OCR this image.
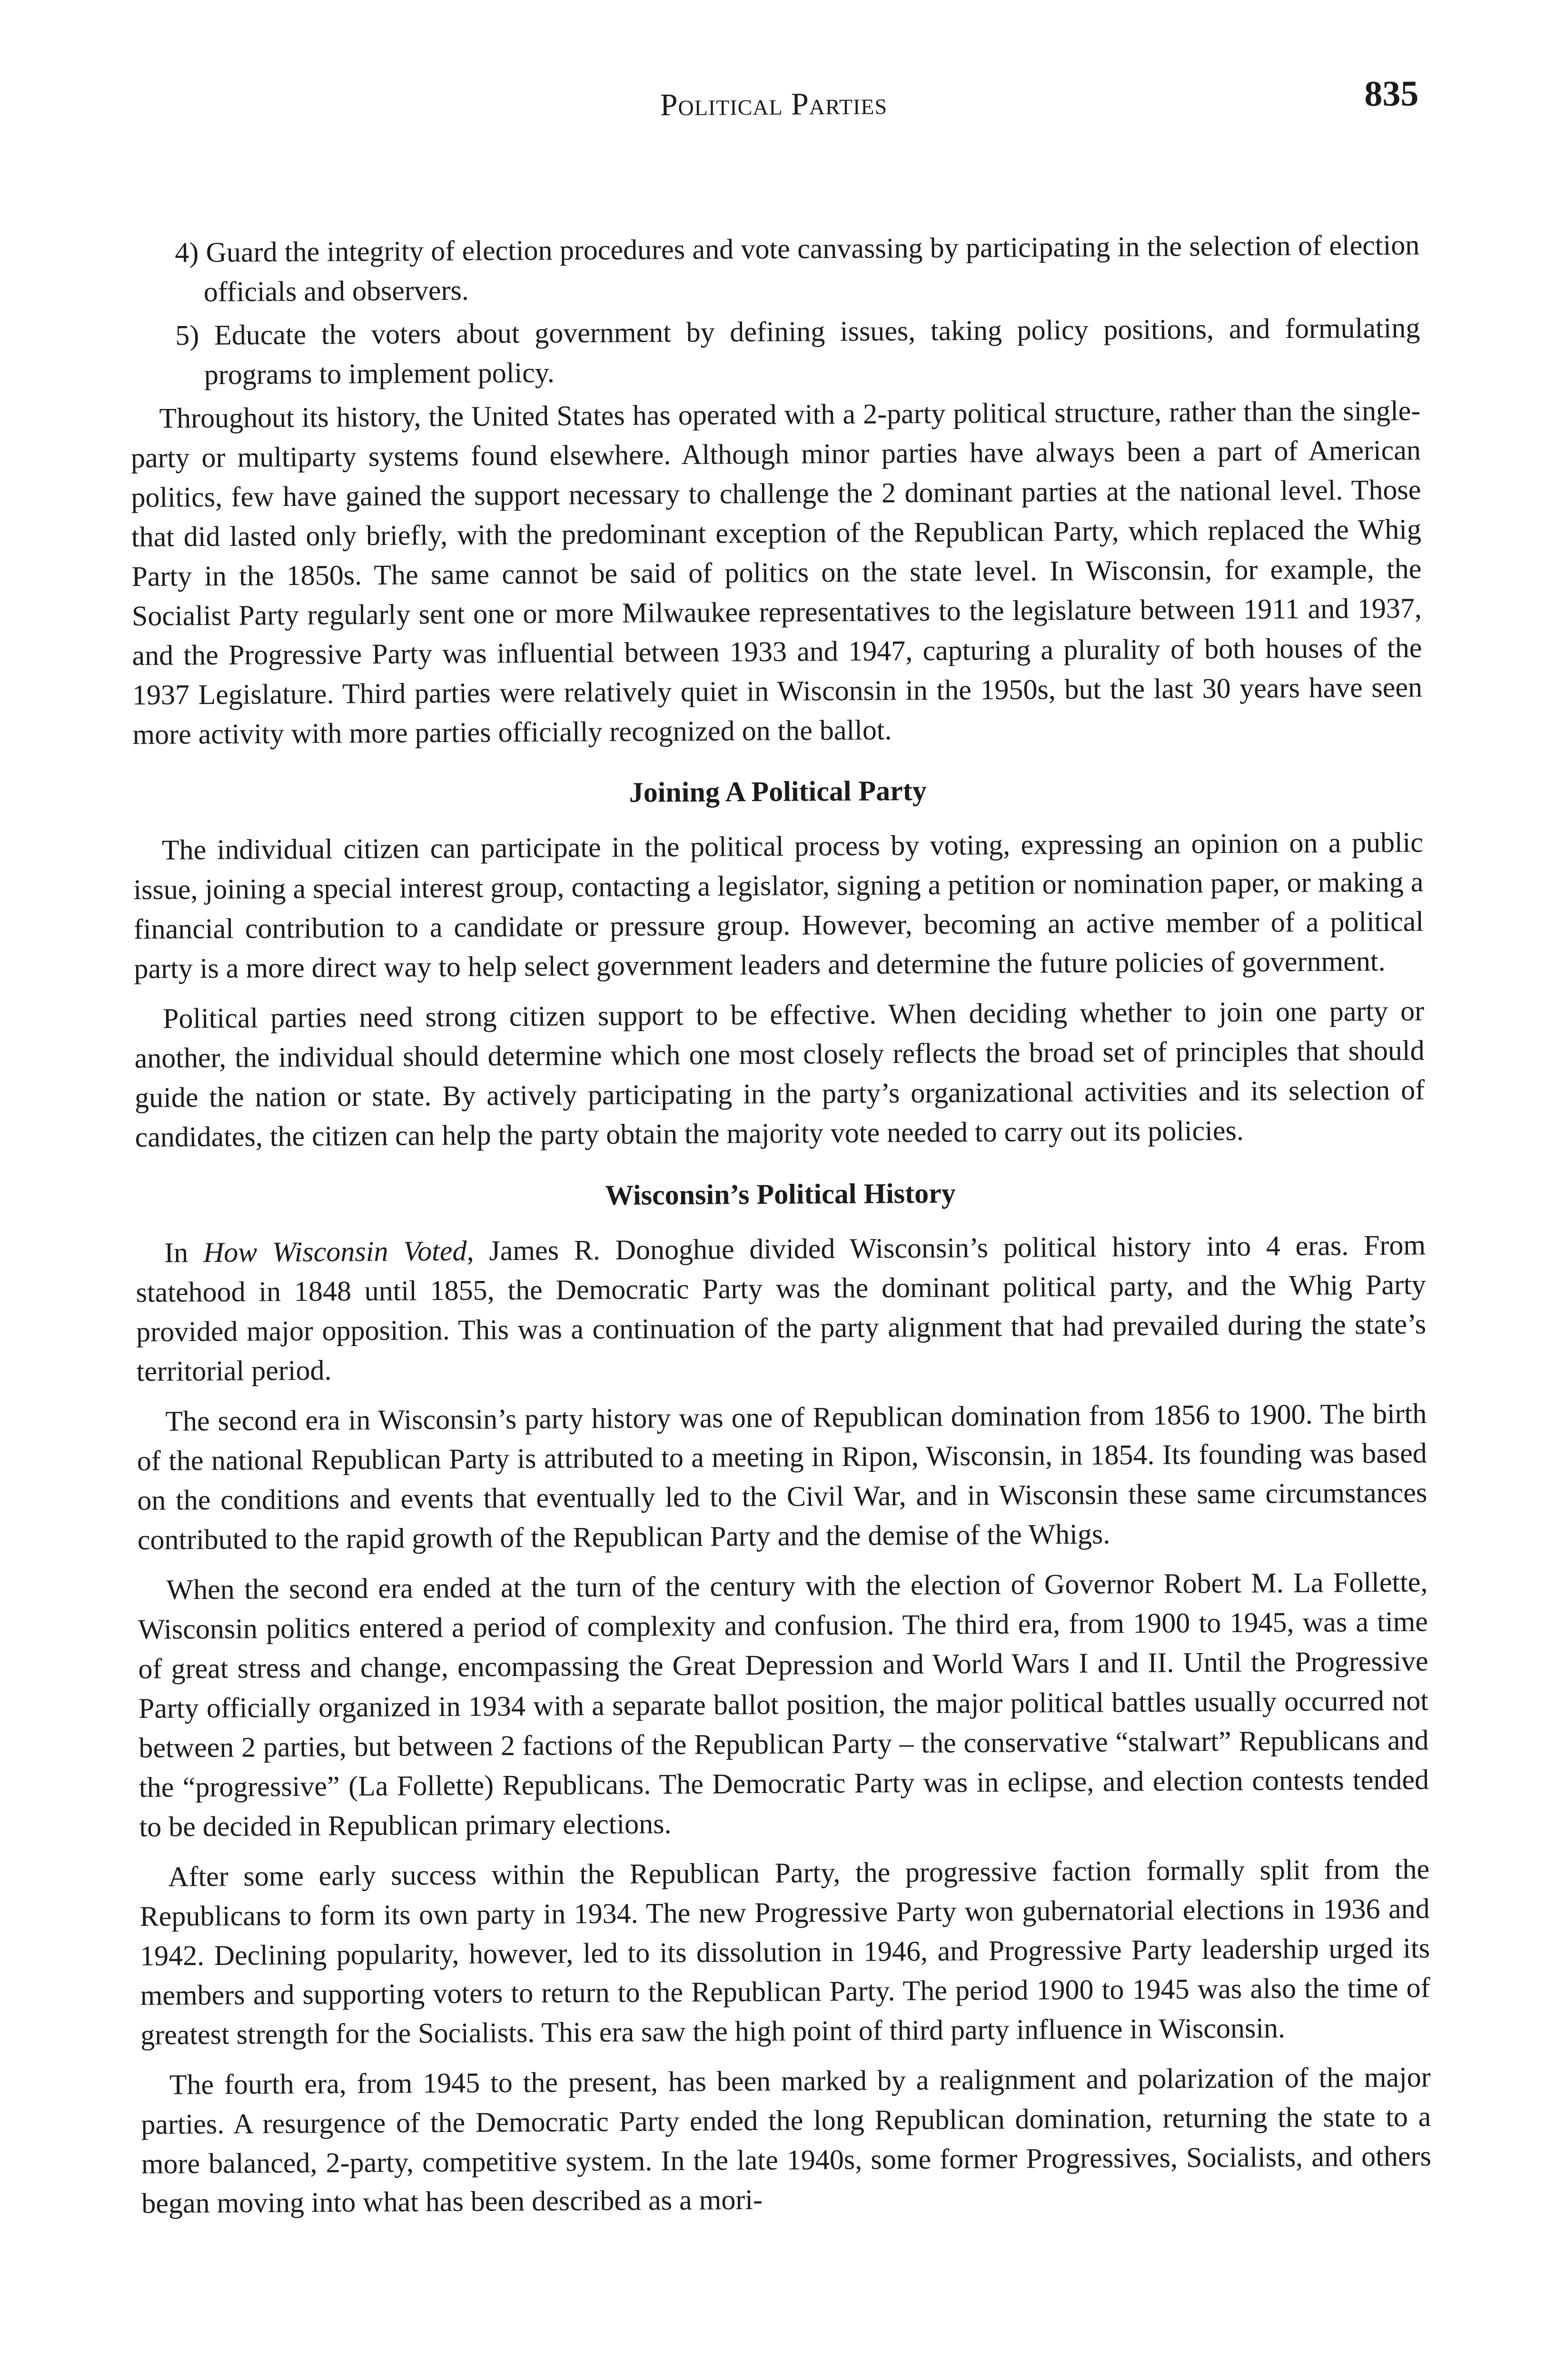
Political Parties	835
4) Guard the integrity of election procedures and vote canvassing by participating in the selection of election officials and observers.
5) Educate the voters about government by defining issues, taking policy positions, and formulating programs to implement policy.

Throughout its history, the United States has operated with a 2-party political structure, rather than the single-party or multiparty systems found elsewhere. Although minor parties have always been a part of American politics, few have gained the support necessary to challenge the 2 dominant parties at the national level. Those that did lasted only briefly, with the predominant exception of the Republican Party, which replaced the Whig Party in the 1850s. The same cannot be said of politics on the state level. In Wisconsin, for example, the Socialist Party regularly sent one or more Milwaukee representatives to the legislature between 1911 and 1937, and the Progressive Party was influential between 1933 and 1947, capturing a plurality of both houses of the 1937 Legislature. Third parties were relatively quiet in Wisconsin in the 1950s, but the last 30 years have seen more activity with more parties officially recognized on the ballot.

Joining A Political Party

The individual citizen can participate in the political process by voting, expressing an opinion on a public issue, joining a special interest group, contacting a legislator, signing a petition or nomination paper, or making a financial contribution to a candidate or pressure group. However, becoming an active member of a political party is a more direct way to help select government leaders and determine the future policies of government.

Political parties need strong citizen support to be effective. When deciding whether to join one party or another, the individual should determine which one most closely reflects the broad set of principles that should guide the nation or state. By actively participating in the party’s organizational activities and its selection of candidates, the citizen can help the party obtain the majority vote needed to carry out its policies.

Wisconsin’s Political History

In How Wisconsin Voted, James R. Donoghue divided Wisconsin’s political history into 4 eras. From statehood in 1848 until 1855, the Democratic Party was the dominant political party, and the Whig Party provided major opposition. This was a continuation of the party alignment that had prevailed during the state’s territorial period.

The second era in Wisconsin’s party history was one of Republican domination from 1856 to 1900. The birth of the national Republican Party is attributed to a meeting in Ripon, Wisconsin, in 1854. Its founding was based on the conditions and events that eventually led to the Civil War, and in Wisconsin these same circumstances contributed to the rapid growth of the Republican Party and the demise of the Whigs.

When the second era ended at the turn of the century with the election of Governor Robert M. La Follette, Wisconsin politics entered a period of complexity and confusion. The third era, from 1900 to 1945, was a time of great stress and change, encompassing the Great Depression and World Wars I and II. Until the Progressive Party officially organized in 1934 with a separate ballot position, the major political battles usually occurred not between 2 parties, but between 2 factions of the Republican Party – the conservative “stalwart” Republicans and the “progressive” (La Follette) Republicans. The Democratic Party was in eclipse, and election contests tended to be decided in Republican primary elections.

After some early success within the Republican Party, the progressive faction formally split from the Republicans to form its own party in 1934. The new Progressive Party won gubernatorial elections in 1936 and 1942. Declining popularity, however, led to its dissolution in 1946, and Progressive Party leadership urged its members and supporting voters to return to the Republican Party. The period 1900 to 1945 was also the time of greatest strength for the Socialists. This era saw the high point of third party influence in Wisconsin.

The fourth era, from 1945 to the present, has been marked by a realignment and polarization of the major parties. A resurgence of the Democratic Party ended the long Republican domination, returning the state to a more balanced, 2-party, competitive system. In the late 1940s, some former Progressives, Socialists, and others began moving into what has been described as a mori-
